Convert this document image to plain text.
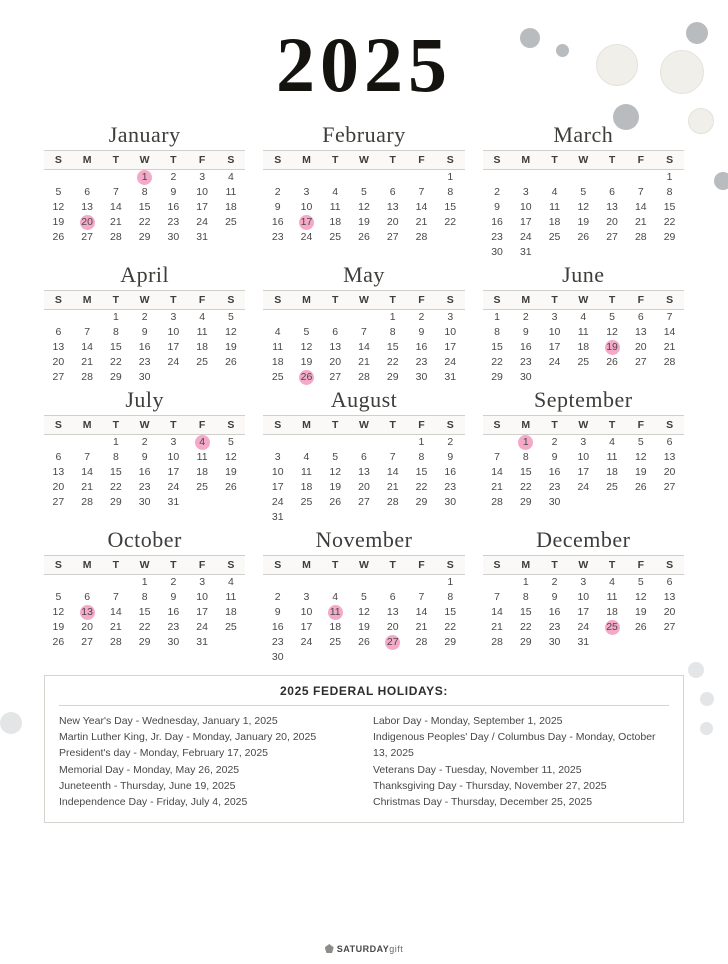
2025
January
S	M	T	W	T	F	S
			1	2	3	4
5	6	7	8	9	10	11
12	13	14	15	16	17	18
19	20	21	22	23	24	25
26	27	28	29	30	31	
February
S	M	T	W	T	F	S
						1
2	3	4	5	6	7	8
9	10	11	12	13	14	15
16	17	18	19	20	21	22
23	24	25	26	27	28	
March
S	M	T	W	T	F	S
						1
2	3	4	5	6	7	8
9	10	11	12	13	14	15
16	17	18	19	20	21	22
23	24	25	26	27	28	29
30	31					
April
S	M	T	W	T	F	S
		1	2	3	4	5
6	7	8	9	10	11	12
13	14	15	16	17	18	19
20	21	22	23	24	25	26
27	28	29	30			
May
S	M	T	W	T	F	S
				1	2	3
4	5	6	7	8	9	10
11	12	13	14	15	16	17
18	19	20	21	22	23	24
25	26	27	28	29	30	31
June
S	M	T	W	T	F	S
1	2	3	4	5	6	7
8	9	10	11	12	13	14
15	16	17	18	19	20	21
22	23	24	25	26	27	28
29	30					
July
S	M	T	W	T	F	S
		1	2	3	4	5
6	7	8	9	10	11	12
13	14	15	16	17	18	19
20	21	22	23	24	25	26
27	28	29	30	31		
August
S	M	T	W	T	F	S
					1	2
3	4	5	6	7	8	9
10	11	12	13	14	15	16
17	18	19	20	21	22	23
24	25	26	27	28	29	30
31						
September
S	M	T	W	T	F	S
	1	2	3	4	5	6
7	8	9	10	11	12	13
14	15	16	17	18	19	20
21	22	23	24	25	26	27
28	29	30				
October
S	M	T	W	T	F	S
			1	2	3	4
5	6	7	8	9	10	11
12	13	14	15	16	17	18
19	20	21	22	23	24	25
26	27	28	29	30	31	
November
S	M	T	W	T	F	S
						1
2	3	4	5	6	7	8
9	10	11	12	13	14	15
16	17	18	19	20	21	22
23	24	25	26	27	28	29
30						
December
S	M	T	W	T	F	S
	1	2	3	4	5	6
7	8	9	10	11	12	13
14	15	16	17	18	19	20
21	22	23	24	25	26	27
28	29	30	31			
2025 FEDERAL HOLIDAYS:
New Year's Day - Wednesday, January 1, 2025
Martin Luther King, Jr. Day - Monday, January 20, 2025
President's day - Monday, February 17, 2025
Memorial Day - Monday, May 26, 2025
Juneteenth - Thursday, June 19, 2025
Independence Day - Friday, July 4, 2025
Labor Day - Monday, September 1, 2025
Indigenous Peoples' Day / Columbus Day - Monday, October 13, 2025
Veterans Day - Tuesday, November 11, 2025
Thanksgiving Day - Thursday, November 27, 2025
Christmas Day - Thursday, December 25, 2025
SATURDAYgift
